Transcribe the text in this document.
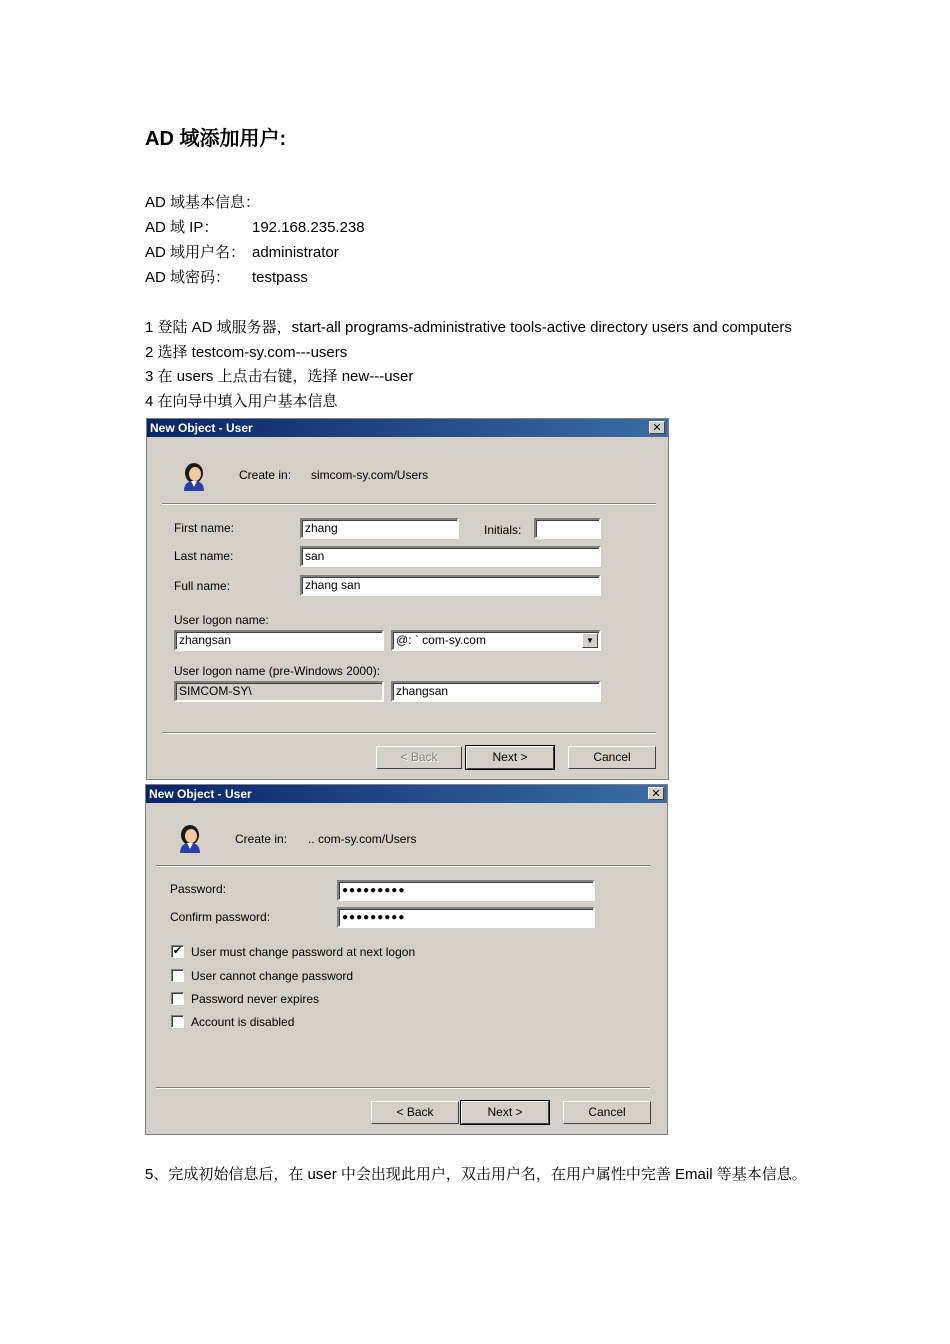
AD 域添加用户:
AD 域基本信息：
AD 域 IP： 192.168.235.238
AD 域用户名： administrator
AD 域密码： testpass
1 登陆 AD 域服务器，start-all programs-administrative tools-active directory users and computers
2 选择 testcom-sy.com---users
3 在 users 上点击右键，选择 new---user
4 在向导中填入用户基本信息
New Object - User	✕
Create in: simcom-sy.com/Users
First name:	zhang	Initials:
Last name:	san
Full name:	zhang san
User logon name:
zhangsan	@: ` com-sy.com	▼
User logon name (pre-Windows 2000):
SIMCOM-SY\	zhangsan
< Back	Next >	Cancel
New Object - User	✕
Create in: .. com-sy.com/Users
Password:	●●●●●●●●●
Confirm password:	●●●●●●●●●
✔ User must change password at next logon
User cannot change password
Password never expires
Account is disabled
< Back	Next >	Cancel
5、完成初始信息后，在 user 中会出现此用户，双击用户名，在用户属性中完善 Email 等基本信息。
